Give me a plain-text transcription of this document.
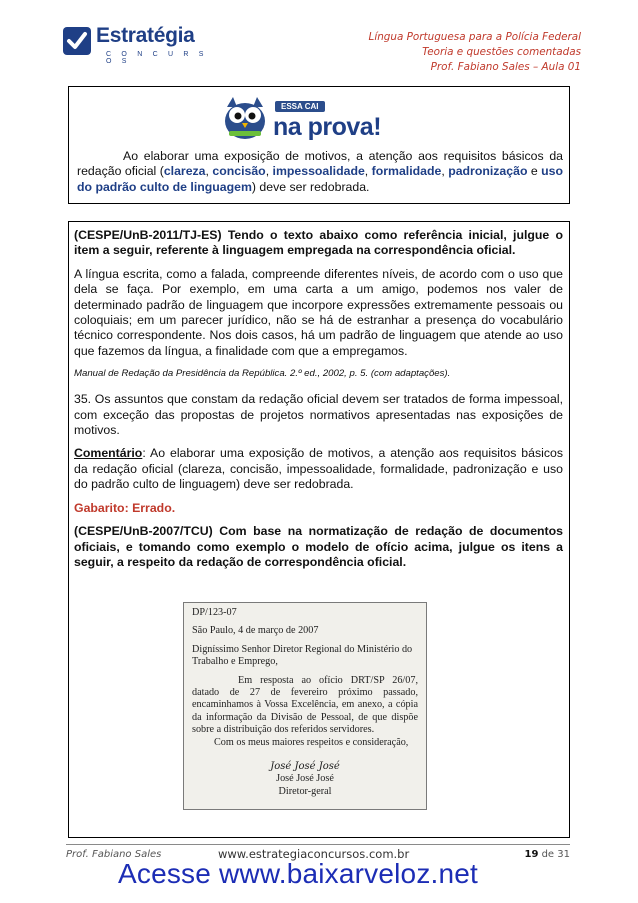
Estratégia
C O N C U R S O S
Língua Portuguesa para a Polícia Federal
Teoria e questões comentadas
Prof. Fabiano Sales – Aula 01
ESSA CAI
na prova!

Ao elaborar uma exposição de motivos, a atenção aos requisitos básicos da redação oficial (clareza, concisão, impessoalidade, formalidade, padronização e uso do padrão culto de linguagem) deve ser redobrada.

(CESPE/UnB-2011/TJ-ES) Tendo o texto abaixo como referência inicial, julgue o item a seguir, referente à linguagem empregada na correspondência oficial.

A língua escrita, como a falada, compreende diferentes níveis, de acordo com o uso que dela se faça. Por exemplo, em uma carta a um amigo, podemos nos valer de determinado padrão de linguagem que incorpore expressões extremamente pessoais ou coloquiais; em um parecer jurídico, não se há de estranhar a presença do vocabulário técnico correspondente. Nos dois casos, há um padrão de linguagem que atende ao uso que fazemos da língua, a finalidade com que a empregamos.

Manual de Redação da Presidência da República. 2.º ed., 2002, p. 5. (com adaptações).

35. Os assuntos que constam da redação oficial devem ser tratados de forma impessoal, com exceção das propostas de projetos normativos apresentadas nas exposições de motivos.

Comentário: Ao elaborar uma exposição de motivos, a atenção aos requisitos básicos da redação oficial (clareza, concisão, impessoalidade, formalidade, padronização e uso do padrão culto de linguagem) deve ser redobrada.

Gabarito: Errado.

(CESPE/UnB-2007/TCU) Com base na normatização de redação de documentos oficiais, e tomando como exemplo o modelo de ofício acima, julgue os itens a seguir, a respeito da redação de correspondência oficial.

DP/123-07
São Paulo, 4 de março de 2007
Digníssimo Senhor Diretor Regional do Ministério do Trabalho e Emprego,
Em resposta ao ofício DRT/SP 26/07, datado de 27 de fevereiro próximo passado, encaminhamos à Vossa Excelência, em anexo, a cópia da informação da Divisão de Pessoal, de que dispõe sobre a distribuição dos referidos servidores.
Com os meus maiores respeitos e consideração,
José José José
José José José
Diretor-geral
Prof. Fabiano Sales	www.estrategiaconcursos.com.br	19 de 31
Acesse www.baixarveloz.net
